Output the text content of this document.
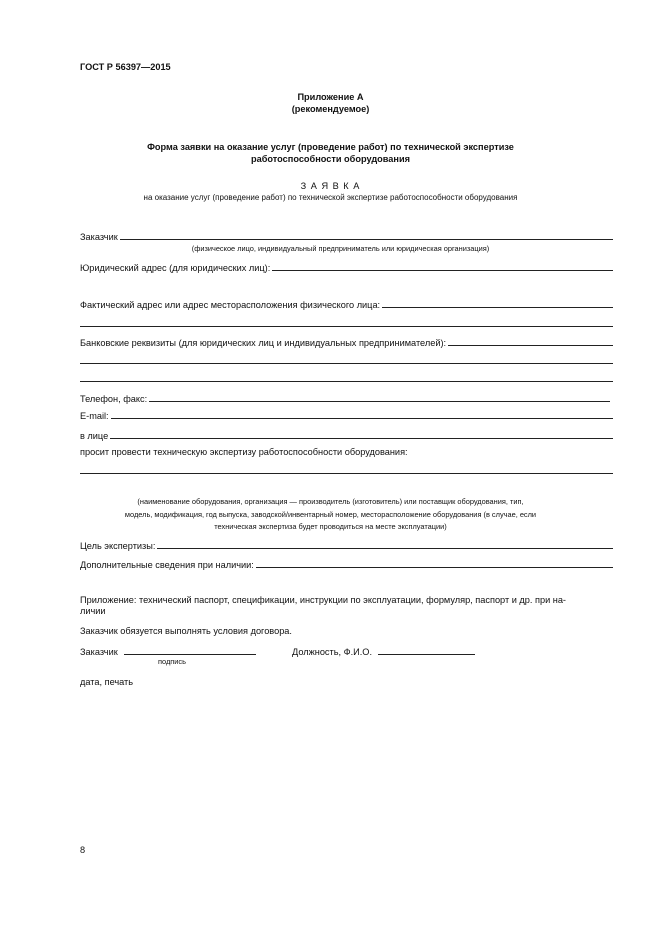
ГОСТ Р 56397—2015
Приложение А
(рекомендуемое)
Форма заявки на оказание услуг (проведение работ) по технической экспертизе
работоспособности оборудования
З А Я В К А
на оказание услуг (проведение работ) по технической экспертизе работоспособности оборудования
Заказчик
(физическое лицо, индивидуальный предприниматель или юридическая организация)
Юридический адрес (для юридических лиц):
Фактический адрес или адрес месторасположения физического лица:
Банковские реквизиты (для юридических лиц и индивидуальных предпринимателей):
Телефон, факс:
E-mail:
в лице
просит провести техническую экспертизу работоспособности оборудования:
(наименование оборудования, организация — производитель (изготовитель) или поставщик оборудования, тип,
модель, модификация, год выпуска, заводской/инвентарный номер, месторасположение оборудования (в случае, если
техническая экспертиза будет проводиться на месте эксплуатации)
Цель экспертизы:
Дополнительные сведения при наличии:
Приложение: технический паспорт, спецификации, инструкции по эксплуатации, формуляр, паспорт и др. при на-
личии
Заказчик обязуется выполнять условия договора.
Заказчик	Должность, Ф.И.О.
подпись
дата, печать
8
